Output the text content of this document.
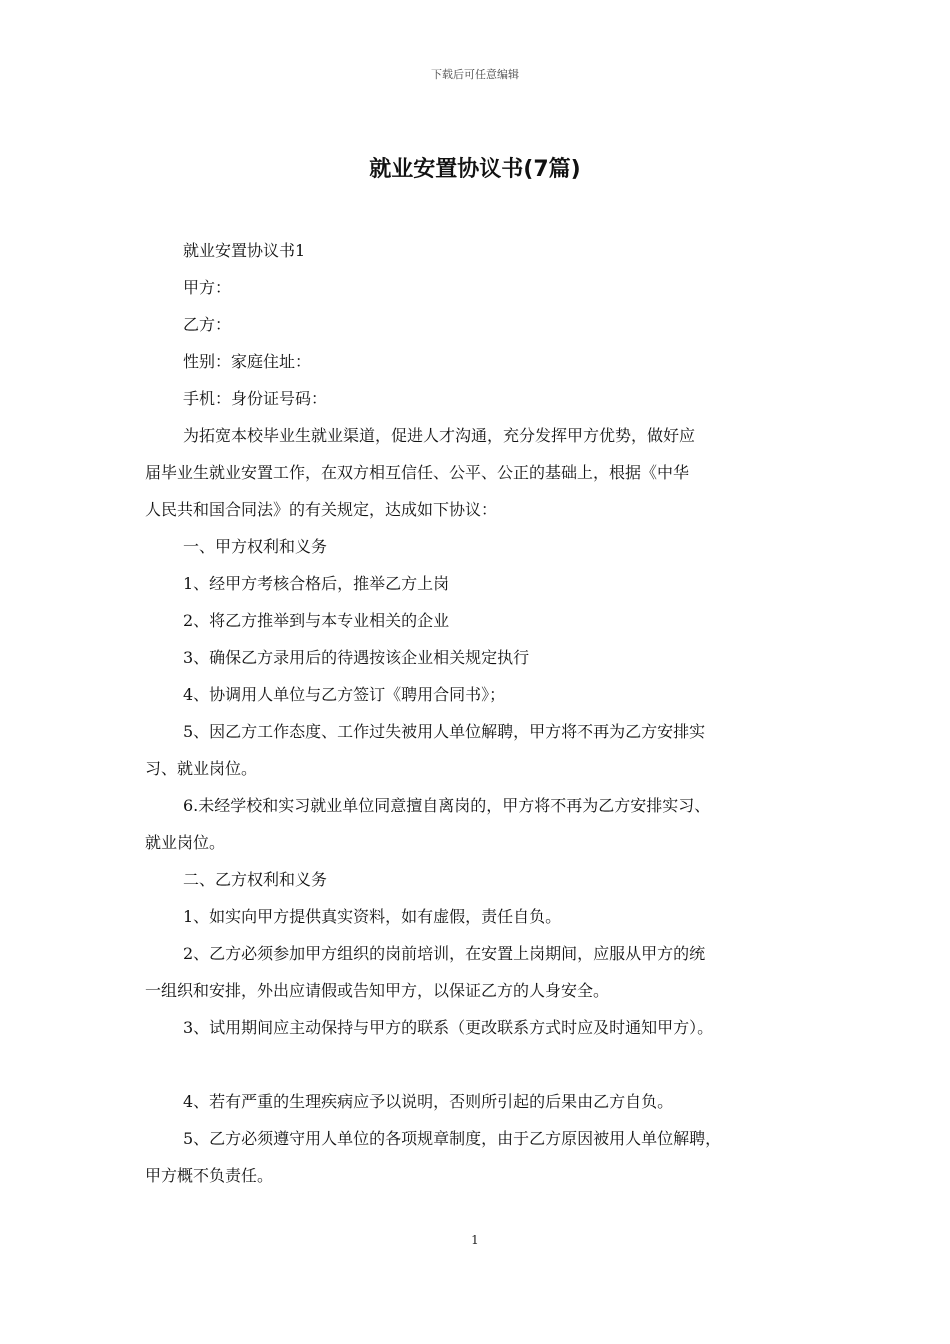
下载后可任意编辑
就业安置协议书(7篇)
就业安置协议书1
甲方：
乙方：
性别：家庭住址：
手机：身份证号码：
为拓宽本校毕业生就业渠道，促进人才沟通，充分发挥甲方优势，做好应
届毕业生就业安置工作，在双方相互信任、公平、公正的基础上，根据《中华
人民共和国合同法》的有关规定，达成如下协议：
一、甲方权利和义务
1、经甲方考核合格后，推举乙方上岗
2、将乙方推举到与本专业相关的企业
3、确保乙方录用后的待遇按该企业相关规定执行
4、协调用人单位与乙方签订《聘用合同书》；
5、因乙方工作态度、工作过失被用人单位解聘，甲方将不再为乙方安排实
习、就业岗位。
6.未经学校和实习就业单位同意擅自离岗的，甲方将不再为乙方安排实习、
就业岗位。
二、乙方权利和义务
1、如实向甲方提供真实资料，如有虚假，责任自负。
2、乙方必须参加甲方组织的岗前培训，在安置上岗期间，应服从甲方的统
一组织和安排，外出应请假或告知甲方，以保证乙方的人身安全。
3、试用期间应主动保持与甲方的联系（更改联系方式时应及时通知甲方）。
4、若有严重的生理疾病应予以说明，否则所引起的后果由乙方自负。
5、乙方必须遵守用人单位的各项规章制度，由于乙方原因被用人单位解聘，
甲方概不负责任。
1
